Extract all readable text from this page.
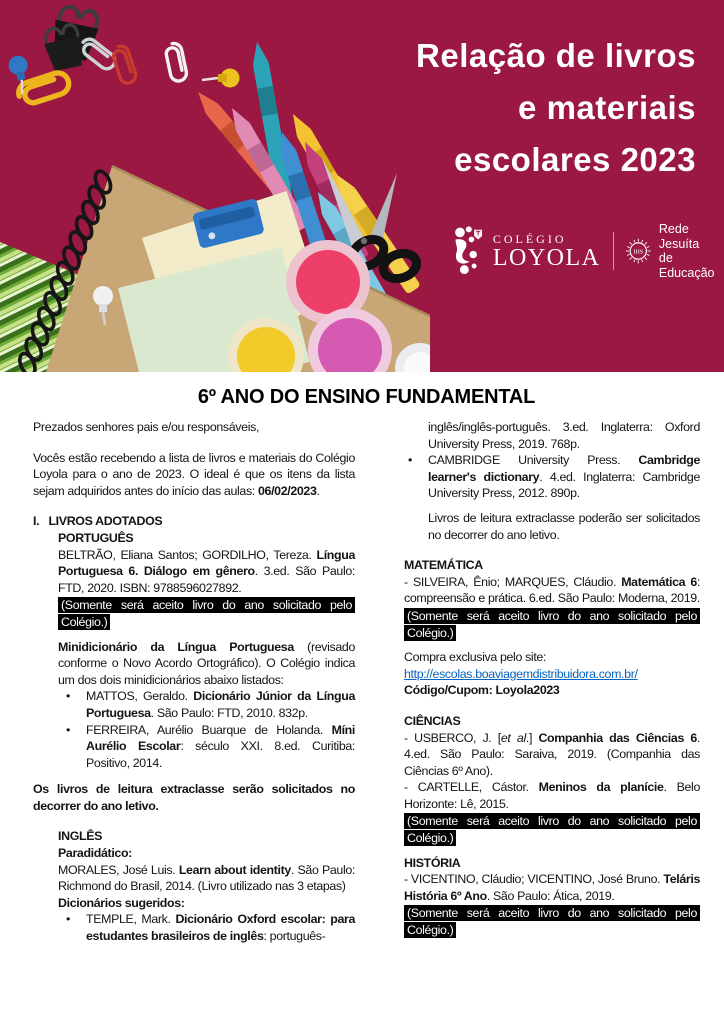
Relação de livros
e materiais
escolares 2023
COLÉGIO
LOYOLA	IHS
Rede Jesuíta
de Educação
6º ANO DO ENSINO FUNDAMENTAL

Prezados senhores pais e/ou responsáveis,

Vocês estão recebendo a lista de livros e materiais do Colégio Loyola para o ano de 2023. O ideal é que os itens da lista sejam adquiridos antes do início das aulas: 06/02/2023.

I. LIVROS ADOTADOS

PORTUGUÊS

BELTRÃO, Eliana Santos; GORDILHO, Tereza. Língua Portuguesa 6. Diálogo em gênero. 3.ed. São Paulo: FTD, 2020. ISBN: 9788596027892.

(Somente será aceito livro do ano solicitado pelo Colégio.)

Minidicionário da Língua Portuguesa (revisado conforme o Novo Acordo Ortográfico). O Colégio indica um dos dois minidicionários abaixo listados:

• MATTOS, Geraldo. Dicionário Júnior da Língua Portuguesa. São Paulo: FTD, 2010. 832p.

• FERREIRA, Aurélio Buarque de Holanda. Míni Aurélio Escolar: século XXI. 8.ed. Curitiba: Positivo, 2014.

Os livros de leitura extraclasse serão solicitados no decorrer do ano letivo.

INGLÊS

Paradidático:

MORALES, José Luis. Learn about identity. São Paulo: Richmond do Brasil, 2014. (Livro utilizado nas 3 etapas)

Dicionários sugeridos:

• TEMPLE, Mark. Dicionário Oxford escolar: para estudantes brasileiros de inglês: português-

inglês/inglês-português. 3.ed. Inglaterra: Oxford University Press, 2019. 768p.

• CAMBRIDGE University Press. Cambridge learner's dictionary. 4.ed. Inglaterra: Cambridge University Press, 2012. 890p.

Livros de leitura extraclasse poderão ser solicitados no decorrer do ano letivo.

MATEMÁTICA

- SILVEIRA, Ênio; MARQUES, Cláudio. Matemática 6: compreensão e prática. 6.ed. São Paulo: Moderna, 2019.

(Somente será aceito livro do ano solicitado pelo Colégio.)

Compra exclusiva pelo site:

http://escolas.boaviagemdistribuidora.com.br/

Código/Cupom: Loyola2023

CIÊNCIAS

- USBERCO, J. [et al.] Companhia das Ciências 6. 4.ed. São Paulo: Saraiva, 2019. (Companhia das Ciências 6º Ano).

- CARTELLE, Cástor. Meninos da planície. Belo Horizonte: Lê, 2015.

(Somente será aceito livro do ano solicitado pelo Colégio.)

HISTÓRIA

- VICENTINO, Cláudio; VICENTINO, José Bruno. Teláris História 6º Ano. São Paulo: Ática, 2019.

(Somente será aceito livro do ano solicitado pelo Colégio.)
